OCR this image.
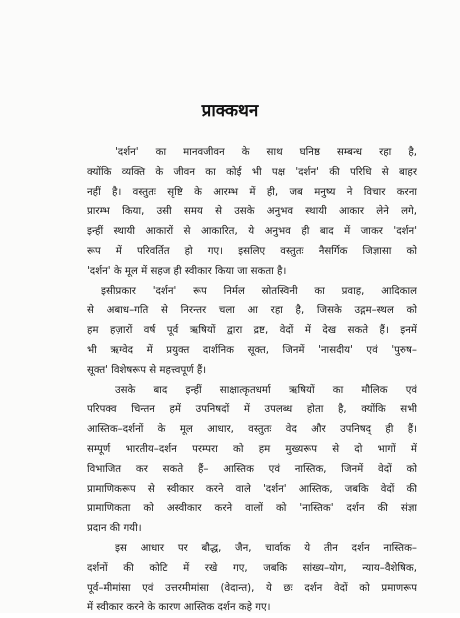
प्राक्कथन
'दर्शन' का मानवजीवन के साथ घनिष्ठ सम्बन्ध रहा है,
क्योंकि व्यक्ति के जीवन का कोई भी पक्ष 'दर्शन' की परिधि से बाहर
नहीं है। वस्तुतः सृष्टि के आरम्भ में ही, जब मनुष्य ने विचार करना
प्रारम्भ किया, उसी समय से उसके अनुभव स्थायी आकार लेने लगे,
इन्हीं स्थायी आकारों से आकारित, ये अनुभव ही बाद में जाकर 'दर्शन'
रूप में परिवर्तित हो गए। इसलिए वस्तुतः नैसर्गिक जिज्ञासा को
'दर्शन' के मूल में सहज ही स्वीकार किया जा सकता है।
इसीप्रकार 'दर्शन' रूप निर्मल स्रोतस्विनी का प्रवाह, आदिकाल
से अबाध–गति से निरन्तर चला आ रहा है, जिसके उद्गम–स्थल को
हम हज़ारों वर्ष पूर्व ऋषियों द्वारा द्रष्ट, वेदों में देख सकते हैं। इनमें
भी ऋग्वेद में प्रयुक्त दार्शनिक सूक्त, जिनमें 'नासदीय' एवं 'पुरुष–
सूक्त' विशेषरूप से महत्त्वपूर्ण हैं।
उसके बाद इन्हीं साक्षात्कृतधर्मा ऋषियों का मौलिक एवं
परिपक्व चिन्तन हमें उपनिषदों में उपलब्ध होता है, क्योंकि सभी
आस्तिक–दर्शनों के मूल आधार, वस्तुतः वेद और उपनिषद् ही हैं।
सम्पूर्ण भारतीय–दर्शन परम्परा को हम मुख्यरूप से दो भागों में
विभाजित कर सकते हैं– आस्तिक एवं नास्तिक, जिनमें वेदों को
प्रामाणिकरूप से स्वीकार करने वाले 'दर्शन' आस्तिक, जबकि वेदों की
प्रामाणिकता को अस्वीकार करने वालों को 'नास्तिक' दर्शन की संज्ञा
प्रदान की गयी।
इस आधार पर बौद्ध, जैन, चार्वाक ये तीन दर्शन नास्तिक–
दर्शनों की कोटि में रखे गए, जबकि सांख्य–योग, न्याय–वैशेषिक,
पूर्व–मीमांसा एवं उत्तरमीमांसा (वेदान्त), ये छः दर्शन वेदों को प्रमाणरूप
में स्वीकार करने के कारण आस्तिक दर्शन कहे गए।
